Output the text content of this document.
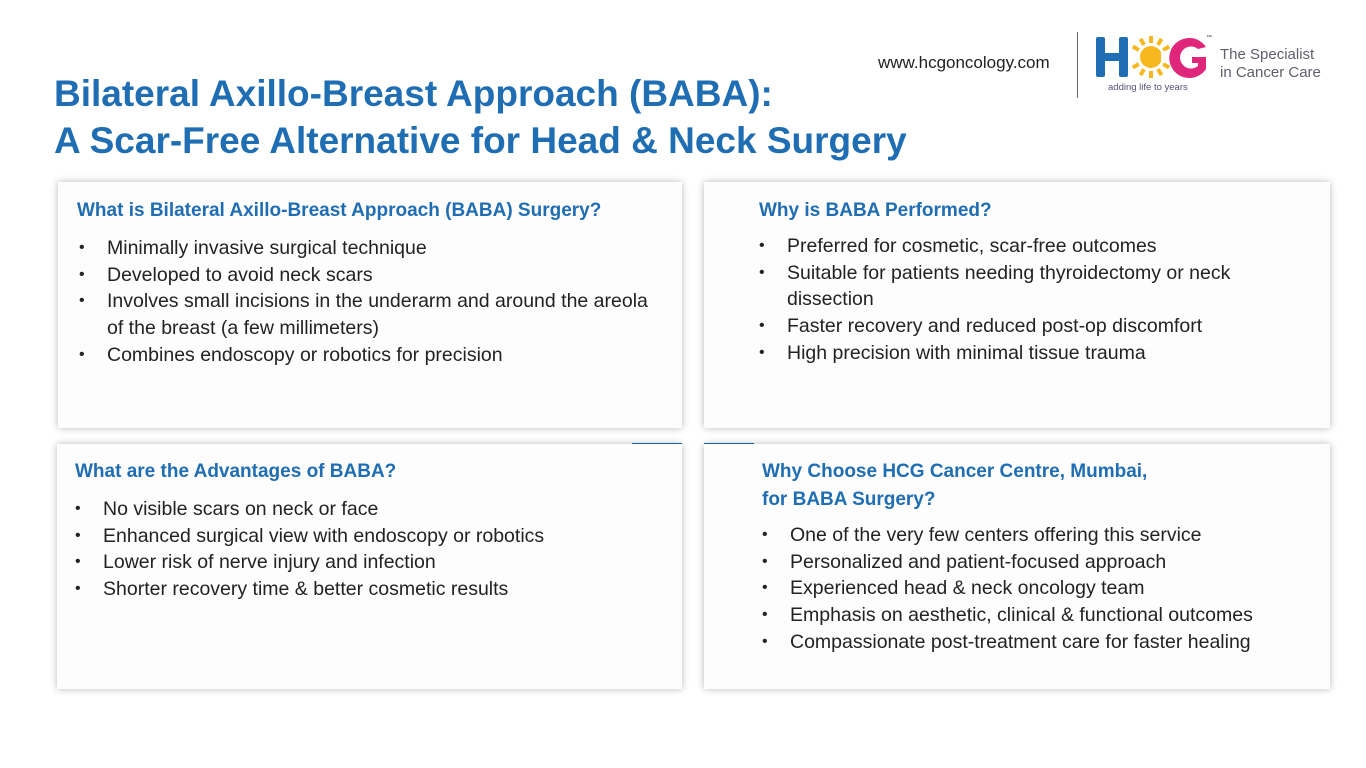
Bilateral Axillo-Breast Approach (BABA):
A Scar-Free Alternative for Head & Neck Surgery
www.hcgoncology.com
™
adding life to years
The Specialist
in Cancer Care
What is Bilateral Axillo-Breast Approach (BABA) Surgery?
• Minimally invasive surgical technique
• Developed to avoid neck scars
• Involves small incisions in the underarm and around the areola of the breast (a few millimeters)
• Combines endoscopy or robotics for precision
Why is BABA Performed?
• Preferred for cosmetic, scar-free outcomes
• Suitable for patients needing thyroidectomy or neck dissection
• Faster recovery and reduced post-op discomfort
• High precision with minimal tissue trauma
What are the Advantages of BABA?
• No visible scars on neck or face
• Enhanced surgical view with endoscopy or robotics
• Lower risk of nerve injury and infection
• Shorter recovery time & better cosmetic results
Why Choose HCG Cancer Centre, Mumbai,
for BABA Surgery?
• One of the very few centers offering this service
• Personalized and patient-focused approach
• Experienced head & neck oncology team
• Emphasis on aesthetic, clinical & functional outcomes
• Compassionate post-treatment care for faster healing
